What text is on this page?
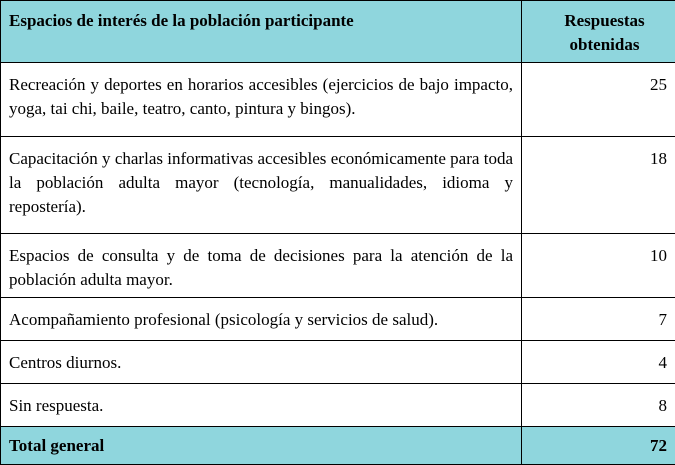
Espacios de interés de la población participante	Respuestas
obtenidas
Recreación y deportes en horarios accesibles (ejercicios de bajo impacto, yoga, tai chi, baile, teatro, canto, pintura y bingos).	25
Capacitación y charlas informativas accesibles económicamente para toda la población adulta mayor (tecnología, manualidades, idioma y repostería).	18
Espacios de consulta y de toma de decisiones para la atención de la población adulta mayor.	10
Acompañamiento profesional (psicología y servicios de salud).	7
Centros diurnos.	4
Sin respuesta.	8
Total general	72
